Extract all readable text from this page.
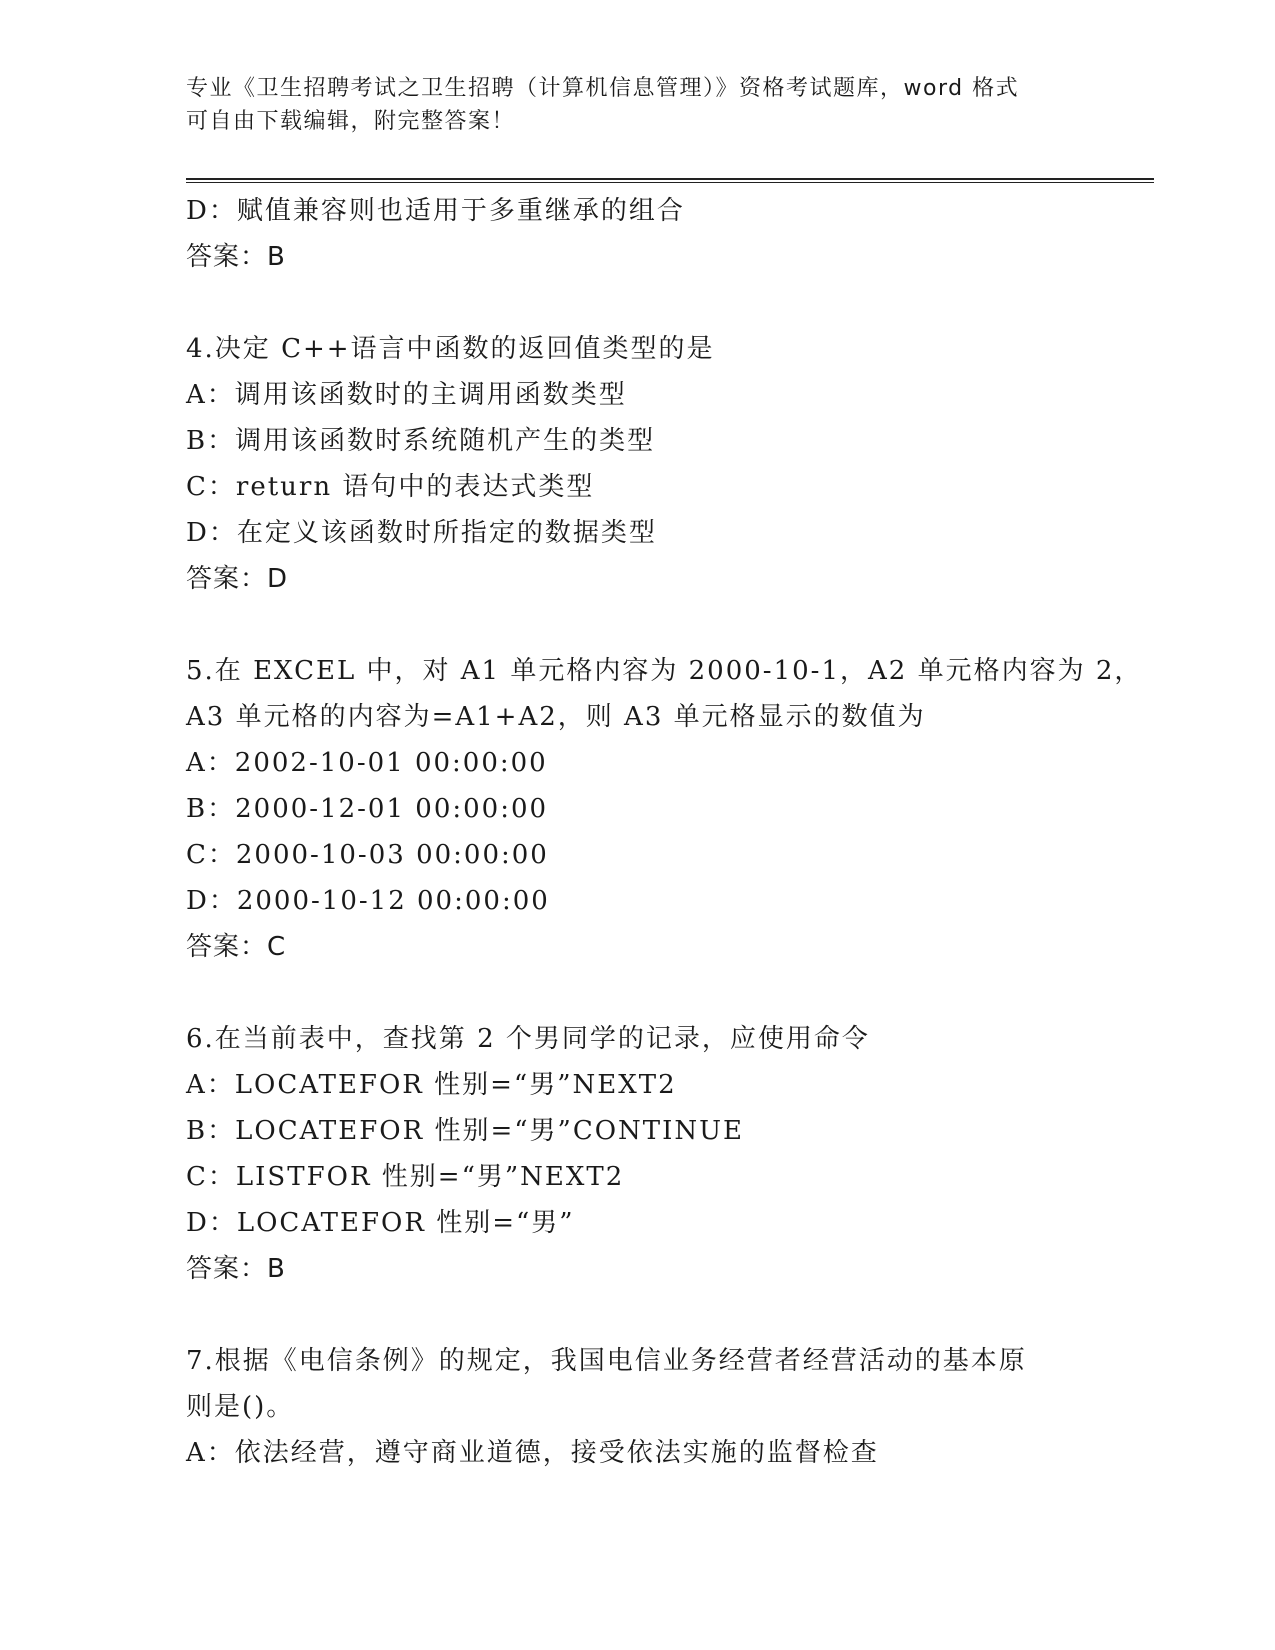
专业《卫生招聘考试之卫生招聘（计算机信息管理）》资格考试题库，word 格式
可自由下载编辑，附完整答案！
D：赋值兼容则也适用于多重继承的组合
答案：B
4.决定 C++语言中函数的返回值类型的是
A：调用该函数时的主调用函数类型
B：调用该函数时系统随机产生的类型
C：return 语句中的表达式类型
D：在定义该函数时所指定的数据类型
答案：D
5.在 EXCEL 中，对 A1 单元格内容为 2000-10-1，A2 单元格内容为 2，
A3 单元格的内容为=A1+A2，则 A3 单元格显示的数值为
A：2002-10-01 00:00:00
B：2000-12-01 00:00:00
C：2000-10-03 00:00:00
D：2000-10-12 00:00:00
答案：C
6.在当前表中，查找第 2 个男同学的记录，应使用命令
A：LOCATEFOR 性别=“男”NEXT2
B：LOCATEFOR 性别=“男”CONTINUE
C：LISTFOR 性别=“男”NEXT2
D：LOCATEFOR 性别=“男”
答案：B
7.根据《电信条例》的规定，我国电信业务经营者经营活动的基本原
则是()。
A：依法经营，遵守商业道德，接受依法实施的监督检查
